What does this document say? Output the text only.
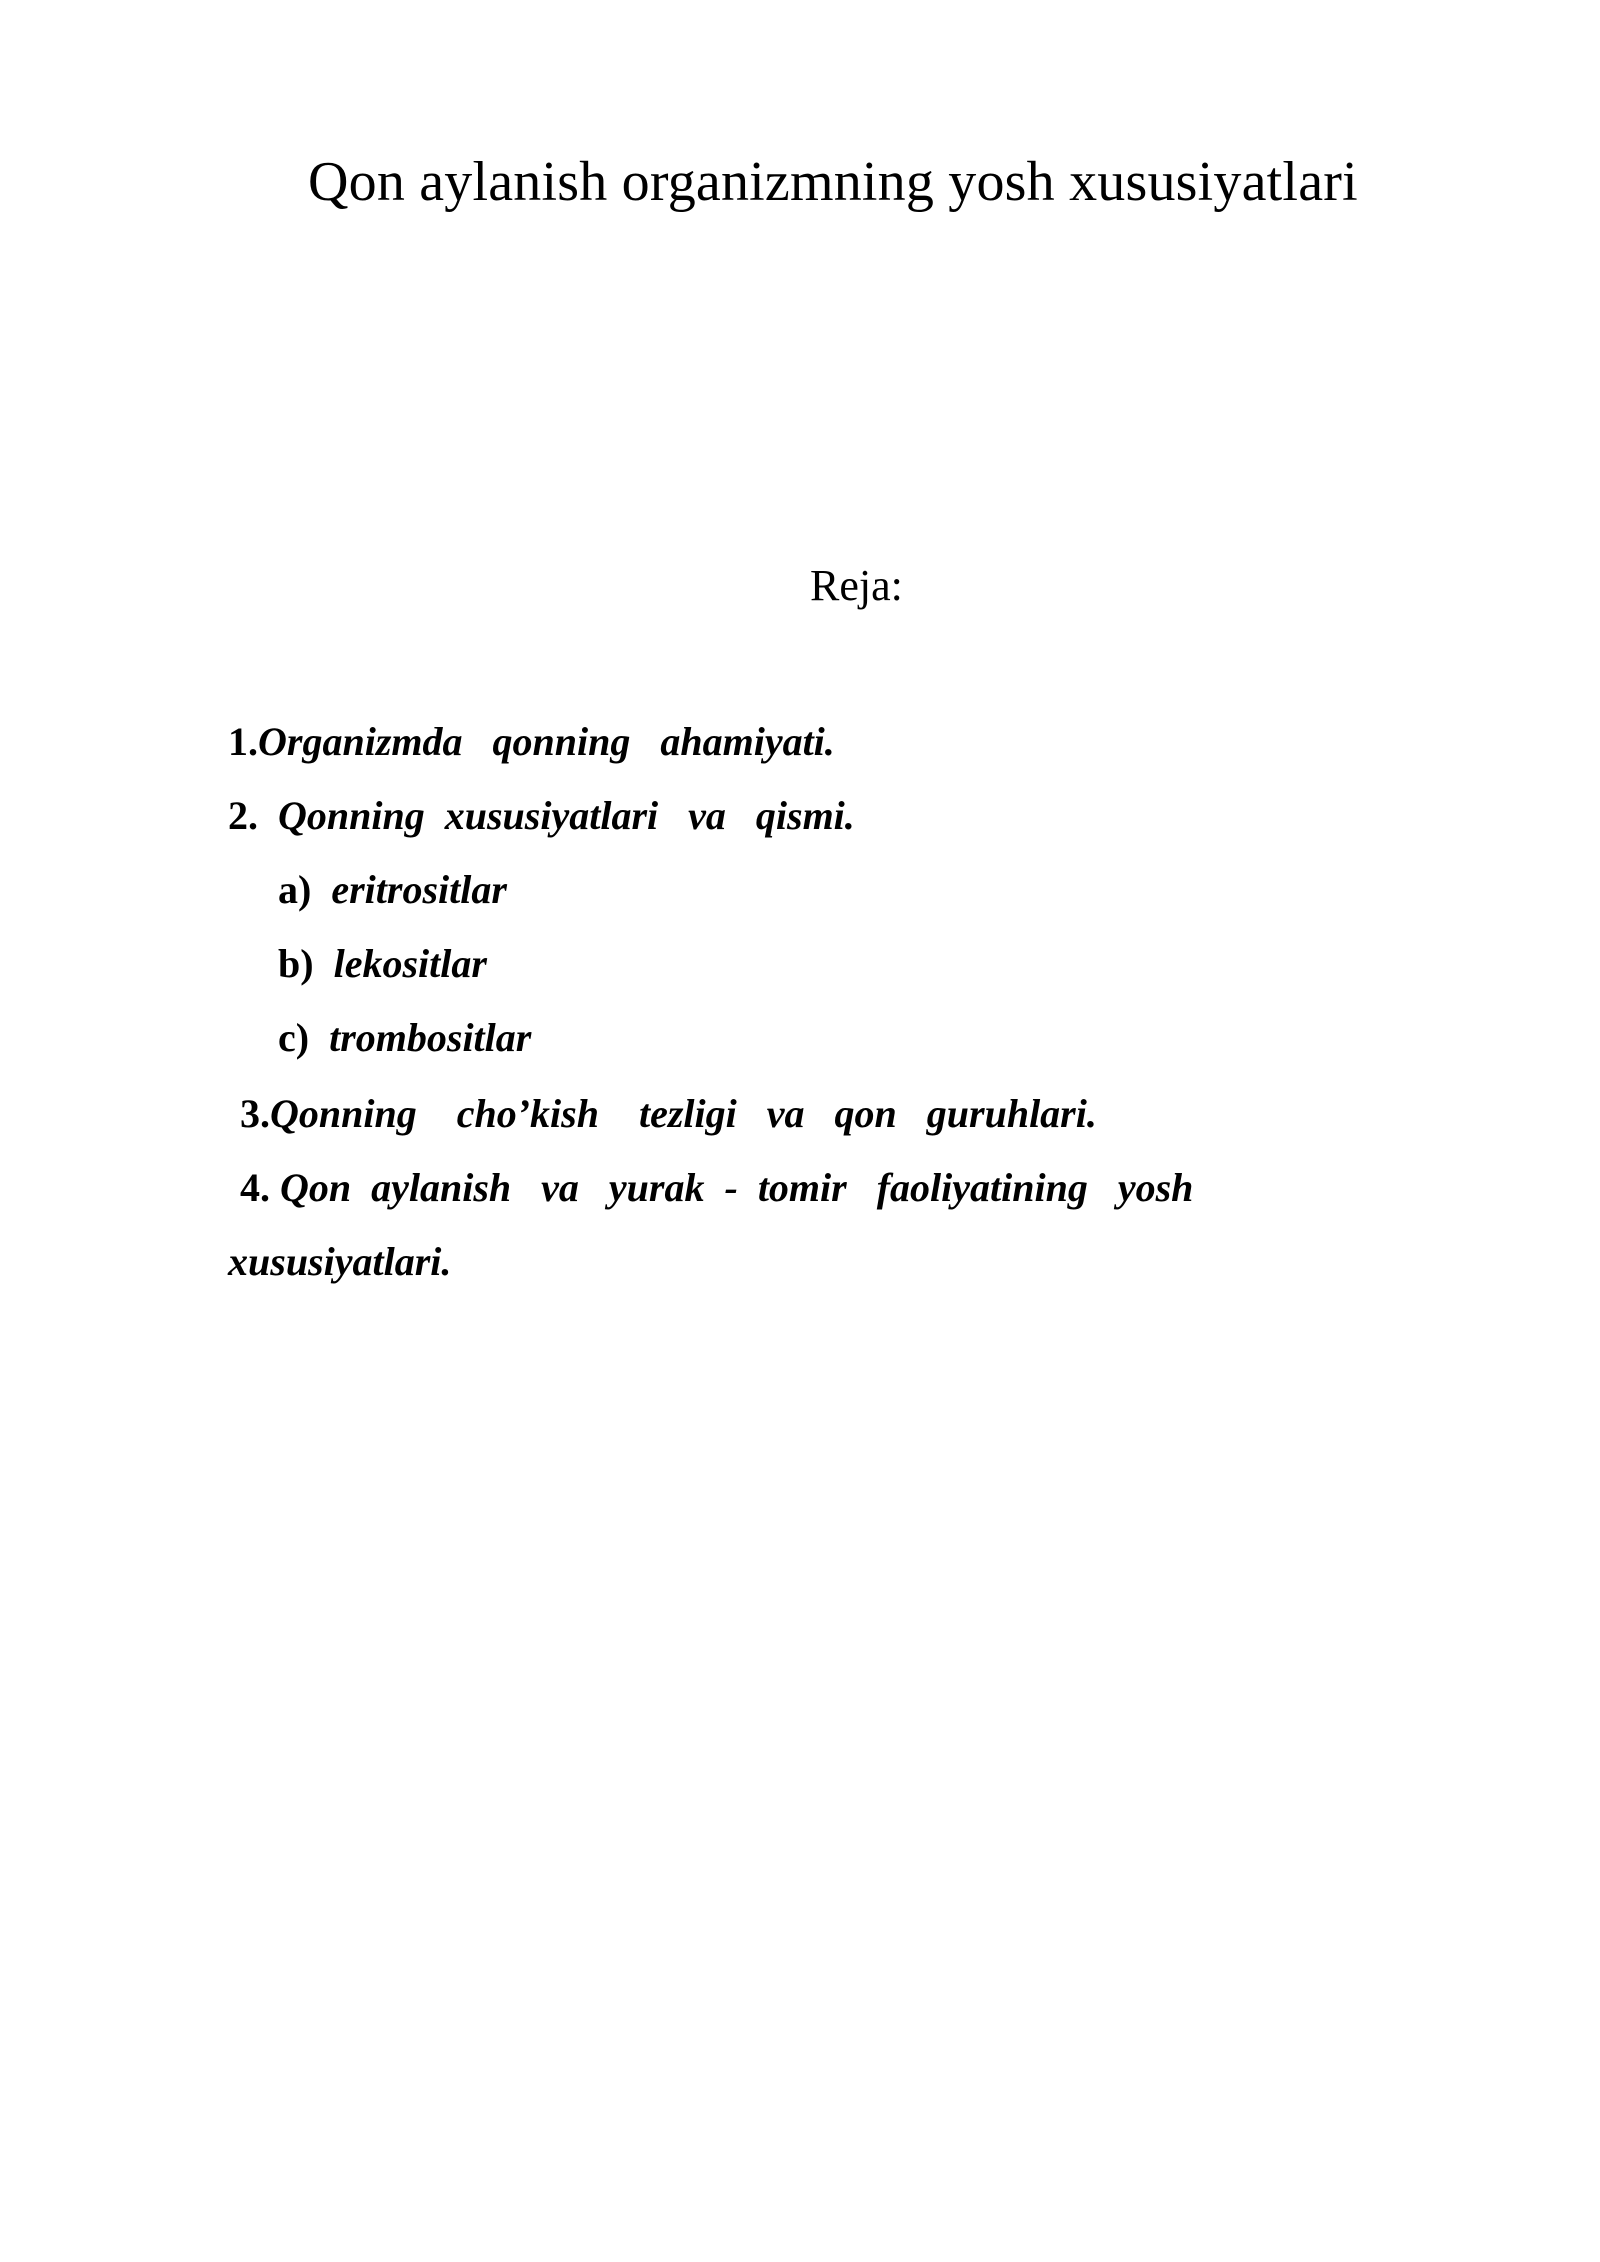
Qon aylanish organizmning yosh xususiyatlari
Reja:
1.Organizmda   qonning   ahamiyati.
2.  Qonning  xususiyatlari   va   qismi.
a)  eritrositlar
b)  lekositlar
c)  trombositlar
3.Qonning    cho’kish    tezligi   va   qon   guruhlari.
4. Qon  aylanish   va   yurak  -  tomir   faoliyatining   yosh
xususiyatlari.
